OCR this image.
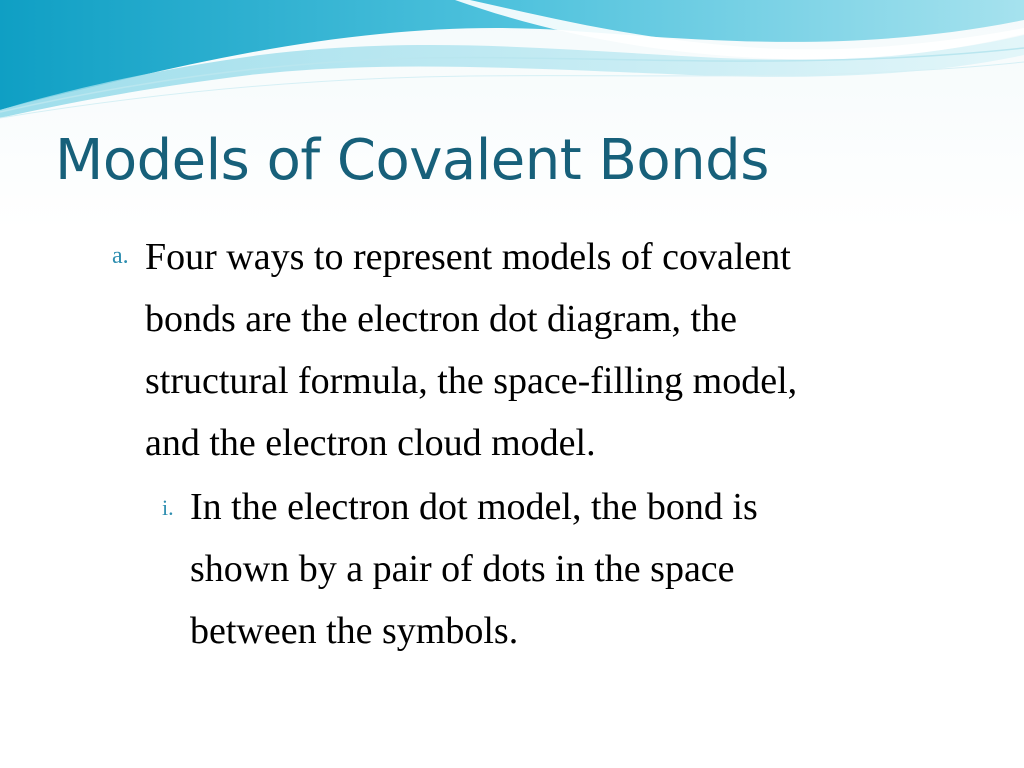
Models of Covalent Bonds
a. Four ways to represent models of covalent
bonds are the electron dot diagram, the
structural formula, the space-filling model,
and the electron cloud model.
i. In the electron dot model, the bond is
shown by a pair of dots in the space
between the symbols.
